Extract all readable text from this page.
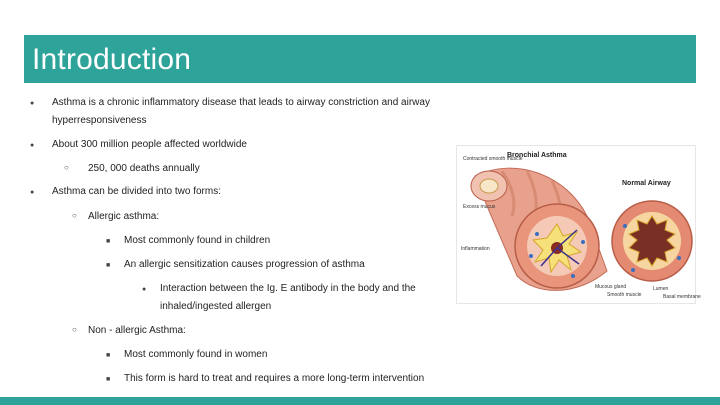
Introduction
●
Asthma is a chronic inflammatory disease that leads to airway constriction and airway
hyperresponsiveness
●
About 300 million people affected worldwide
○
250, 000 deaths annually
●
Asthma can be divided into two forms:
○
Allergic asthma:
■
Most commonly found in children
■
An allergic sensitization causes progression of asthma
●
Interaction between the Ig. E antibody in the body and the
inhaled/ingested allergen
○
Non - allergic Asthma:
■
Most commonly found in women
■
This form is hard to treat and requires a more long-term intervention
Bronchial Asthma
Normal Airway
Contracted smooth muscle
Excess mucus
Inflammation
Smooth muscle
Lumen
Mucous gland
Basal membrane
